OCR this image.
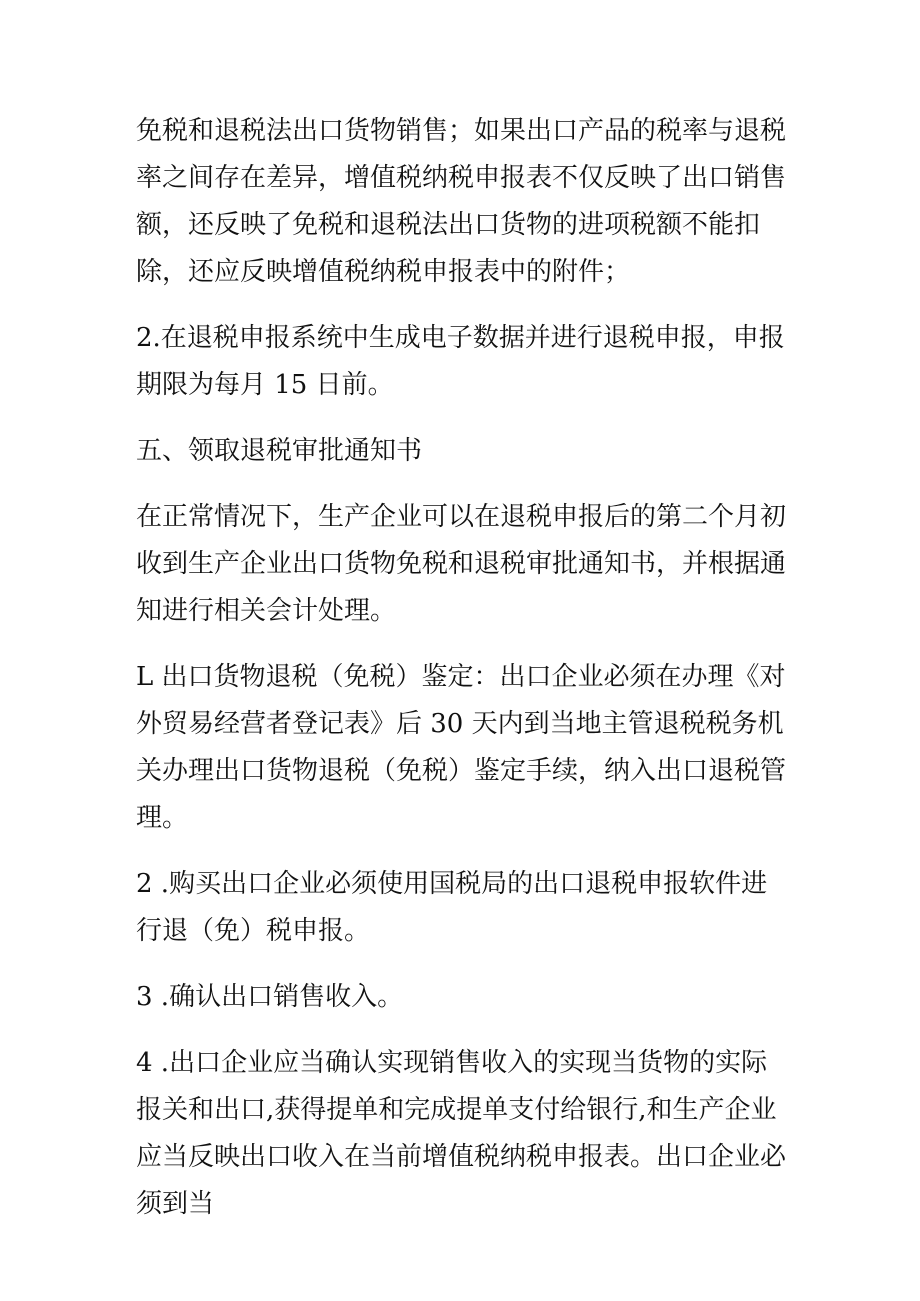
免税和退税法出口货物销售；如果出口产品的税率与退税率之间存在差异，增值税纳税申报表不仅反映了出口销售额，还反映了免税和退税法出口货物的进项税额不能扣除，还应反映增值税纳税申报表中的附件；

2.在退税申报系统中生成电子数据并进行退税申报，申报期限为每月 15 日前。

五、领取退税审批通知书

在正常情况下，生产企业可以在退税申报后的第二个月初收到生产企业出口货物免税和退税审批通知书，并根据通知进行相关会计处理。

L 出口货物退税（免税）鉴定：出口企业必须在办理《对外贸易经营者登记表》后 30 天内到当地主管退税税务机关办理出口货物退税（免税）鉴定手续，纳入出口退税管理。

2 .购买出口企业必须使用国税局的出口退税申报软件进行退（免）税申报。

3 .确认出口销售收入。

4 .出口企业应当确认实现销售收入的实现当货物的实际报关和出口,获得提单和完成提单支付给银行,和生产企业应当反映出口收入在当前增值税纳税申报表。出口企业必须到当
